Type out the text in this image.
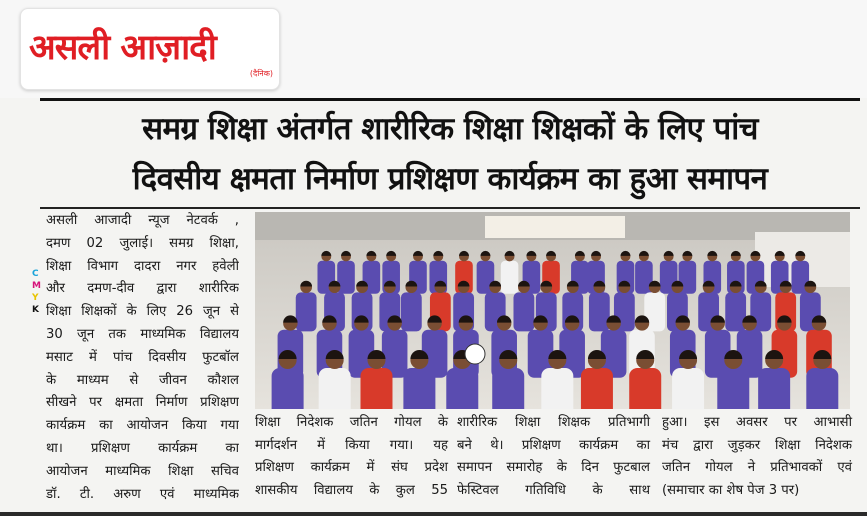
असली आज़ादी
(दैनिक)
समग्र शिक्षा अंतर्गत शारीरिक शिक्षा शिक्षकों के लिए पांच
दिवसीय क्षमता निर्माण प्रशिक्षण कार्यक्रम का हुआ समापन
C
M
Y
K
असली आजादी न्यूज नेटवर्क ,
दमण 02 जुलाई। समग्र शिक्षा,
शिक्षा विभाग दादरा नगर हवेली
और दमण-दीव द्वारा शारीरिक
शिक्षा शिक्षकों के लिए 26 जून से
30 जून तक माध्यमिक विद्यालय
मसाट में पांच दिवसीय फुटबॉल
के माध्यम से जीवन कौशल
सीखने पर क्षमता निर्माण प्रशिक्षण
कार्यक्रम का आयोजन किया गया
था। प्रशिक्षण कार्यक्रम का
आयोजन माध्यमिक शिक्षा सचिव
डॉ. टी. अरुण एवं माध्यमिक
शिक्षा निदेशक जतिन गोयल के
मार्गदर्शन में किया गया। यह
प्रशिक्षण कार्यक्रम में संघ प्रदेश
शासकीय विद्यालय के कुल 55
शारीरिक शिक्षा शिक्षक प्रतिभागी
बने थे। प्रशिक्षण कार्यक्रम का
समापन समारोह के दिन फुटबाल
फेस्टिवल गतिविधि के साथ
हुआ। इस अवसर पर आभासी
मंच द्वारा जुड़कर शिक्षा निदेशक
जतिन गोयल ने प्रतिभावकों एवं
(समाचार का शेष पेज 3 पर)
